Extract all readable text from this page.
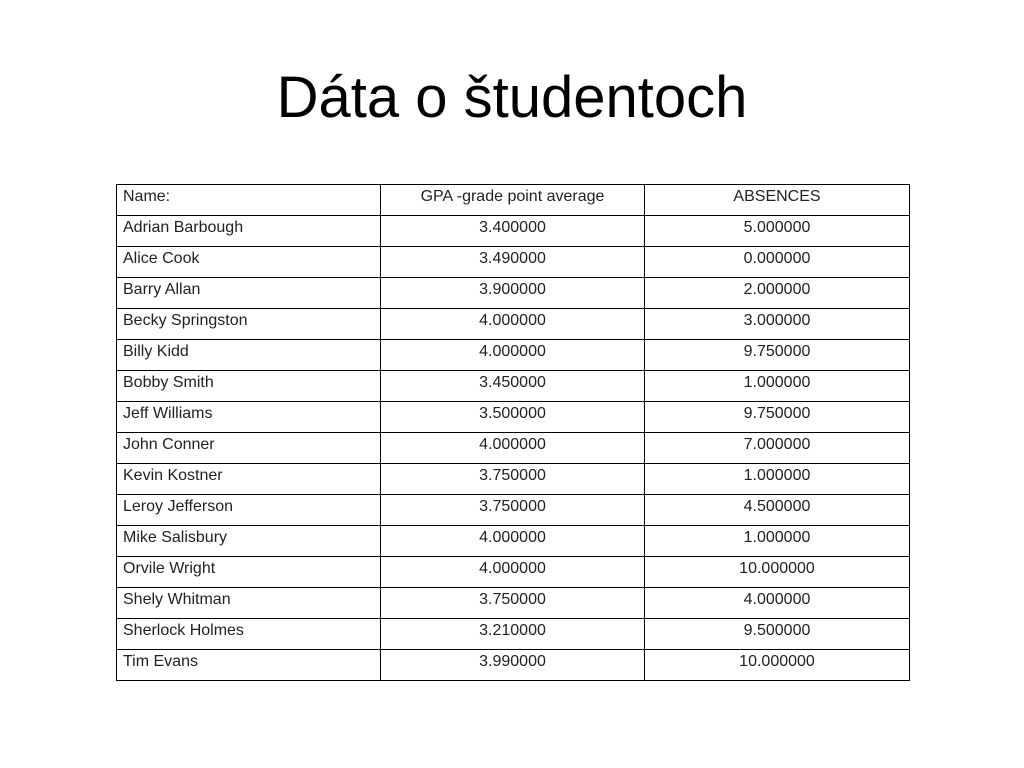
Dáta o študentoch
Name:	GPA -grade point average	ABSENCES
Adrian Barbough	3.400000	5.000000
Alice Cook	3.490000	0.000000
Barry Allan	3.900000	2.000000
Becky Springston	4.000000	3.000000
Billy Kidd	4.000000	9.750000
Bobby Smith	3.450000	1.000000
Jeff Williams	3.500000	9.750000
John Conner	4.000000	7.000000
Kevin Kostner	3.750000	1.000000
Leroy Jefferson	3.750000	4.500000
Mike Salisbury	4.000000	1.000000
Orvile Wright	4.000000	10.000000
Shely Whitman	3.750000	4.000000
Sherlock Holmes	3.210000	9.500000
Tim Evans	3.990000	10.000000
